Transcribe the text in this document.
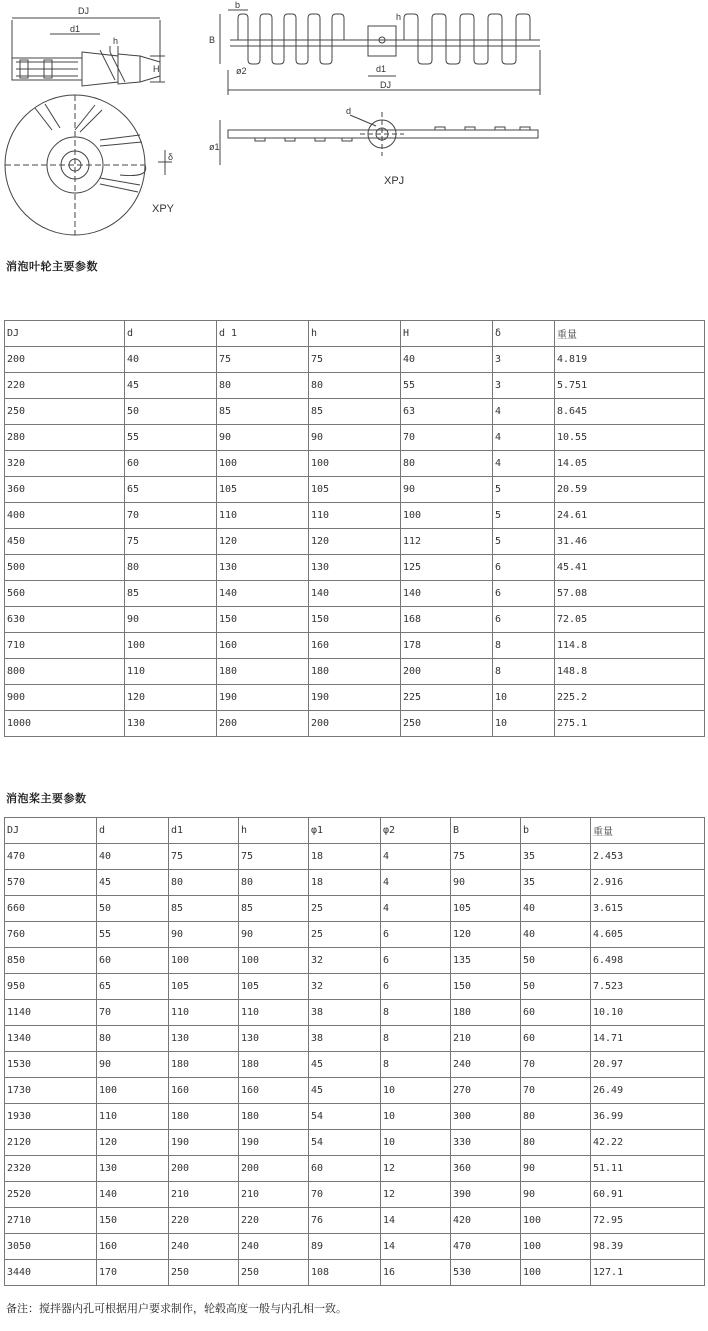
DJ
d1
h
H
δ
XPY
b
B
h
ø2	d1
DJ
d
ø1
XPJ
消泡叶轮主要参数
DJ	d	d 1	h	H	δ	重量
200	40	75	75	40	3	4.819
220	45	80	80	55	3	5.751
250	50	85	85	63	4	8.645
280	55	90	90	70	4	10.55
320	60	100	100	80	4	14.05
360	65	105	105	90	5	20.59
400	70	110	110	100	5	24.61
450	75	120	120	112	5	31.46
500	80	130	130	125	6	45.41
560	85	140	140	140	6	57.08
630	90	150	150	168	6	72.05
710	100	160	160	178	8	114.8
800	110	180	180	200	8	148.8
900	120	190	190	225	10	225.2
1000	130	200	200	250	10	275.1
消泡桨主要参数
DJ	d	d1	h	φ1	φ2	B	b	重量
470	40	75	75	18	4	75	35	2.453
570	45	80	80	18	4	90	35	2.916
660	50	85	85	25	4	105	40	3.615
760	55	90	90	25	6	120	40	4.605
850	60	100	100	32	6	135	50	6.498
950	65	105	105	32	6	150	50	7.523
1140	70	110	110	38	8	180	60	10.10
1340	80	130	130	38	8	210	60	14.71
1530	90	180	180	45	8	240	70	20.97
1730	100	160	160	45	10	270	70	26.49
1930	110	180	180	54	10	300	80	36.99
2120	120	190	190	54	10	330	80	42.22
2320	130	200	200	60	12	360	90	51.11
2520	140	210	210	70	12	390	90	60.91
2710	150	220	220	76	14	420	100	72.95
3050	160	240	240	89	14	470	100	98.39
3440	170	250	250	108	16	530	100	127.1
备注：搅拌器内孔可根据用户要求制作，轮毂高度一般与内孔相一致。
